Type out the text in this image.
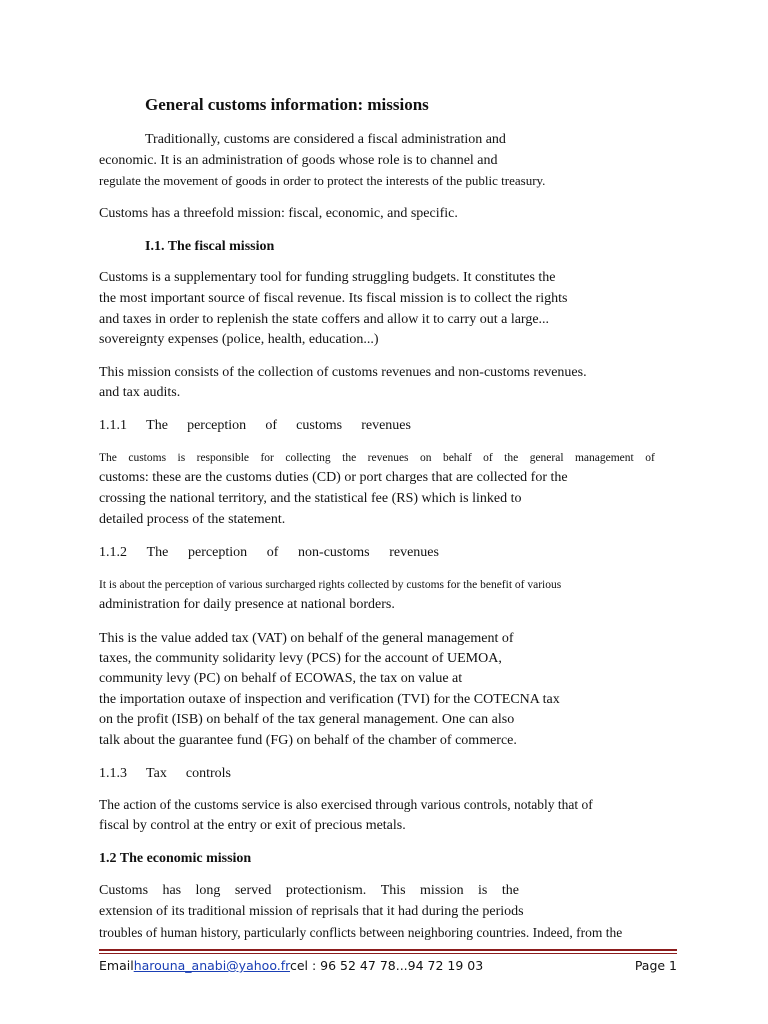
General customs information: missions
Traditionally, customs are considered a fiscal administration and
economic. It is an administration of goods whose role is to channel and
regulate the movement of goods in order to protect the interests of the public treasury.
Customs has a threefold mission: fiscal, economic, and specific.
I.1. The fiscal mission
Customs is a supplementary tool for funding struggling budgets. It constitutes the
the most important source of fiscal revenue. Its fiscal mission is to collect the rights
and taxes in order to replenish the state coffers and allow it to carry out a large...
sovereignty expenses (police, health, education...)
This mission consists of the collection of customs revenues and non-customs revenues.
and tax audits.
1.1.1 The perception of customs revenues
The customs is responsible for collecting the revenues on behalf of the general management of
customs: these are the customs duties (CD) or port charges that are collected for the
crossing the national territory, and the statistical fee (RS) which is linked to
detailed process of the statement.
1.1.2 The perception of non-customs revenues
It is about the perception of various surcharged rights collected by customs for the benefit of various
administration for daily presence at national borders.
This is the value added tax (VAT) on behalf of the general management of
taxes, the community solidarity levy (PCS) for the account of UEMOA,
community levy (PC) on behalf of ECOWAS, the tax on value at
the importation outaxe of inspection and verification (TVI) for the COTECNA tax
on the profit (ISB) on behalf of the tax general management. One can also
talk about the guarantee fund (FG) on behalf of the chamber of commerce.
1.1.3 Tax controls
The action of the customs service is also exercised through various controls, notably that of
fiscal by control at the entry or exit of precious metals.
1.2 The economic mission
Customs has long served protectionism. This mission is the
extension of its traditional mission of reprisals that it had during the periods
troubles of human history, particularly conflicts between neighboring countries. Indeed, from the
Emailharouna_anabi@yahoo.frcel : 96 52 47 78...94 72 19 03	Page 1
